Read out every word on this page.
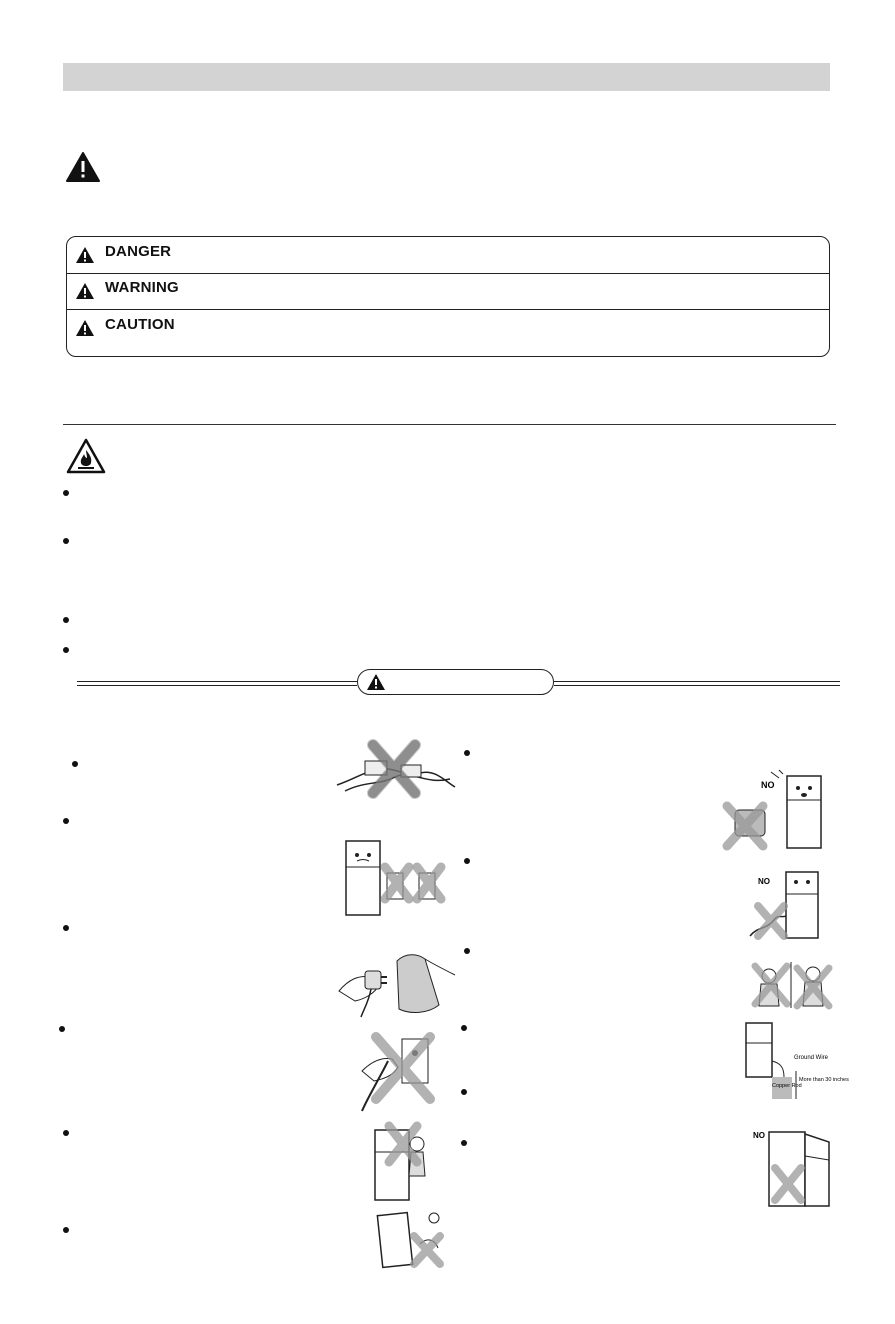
DANGER
WARNING
CAUTION
NO
NO
Ground Wire
Copper Rod
More than 30 inches
NO
